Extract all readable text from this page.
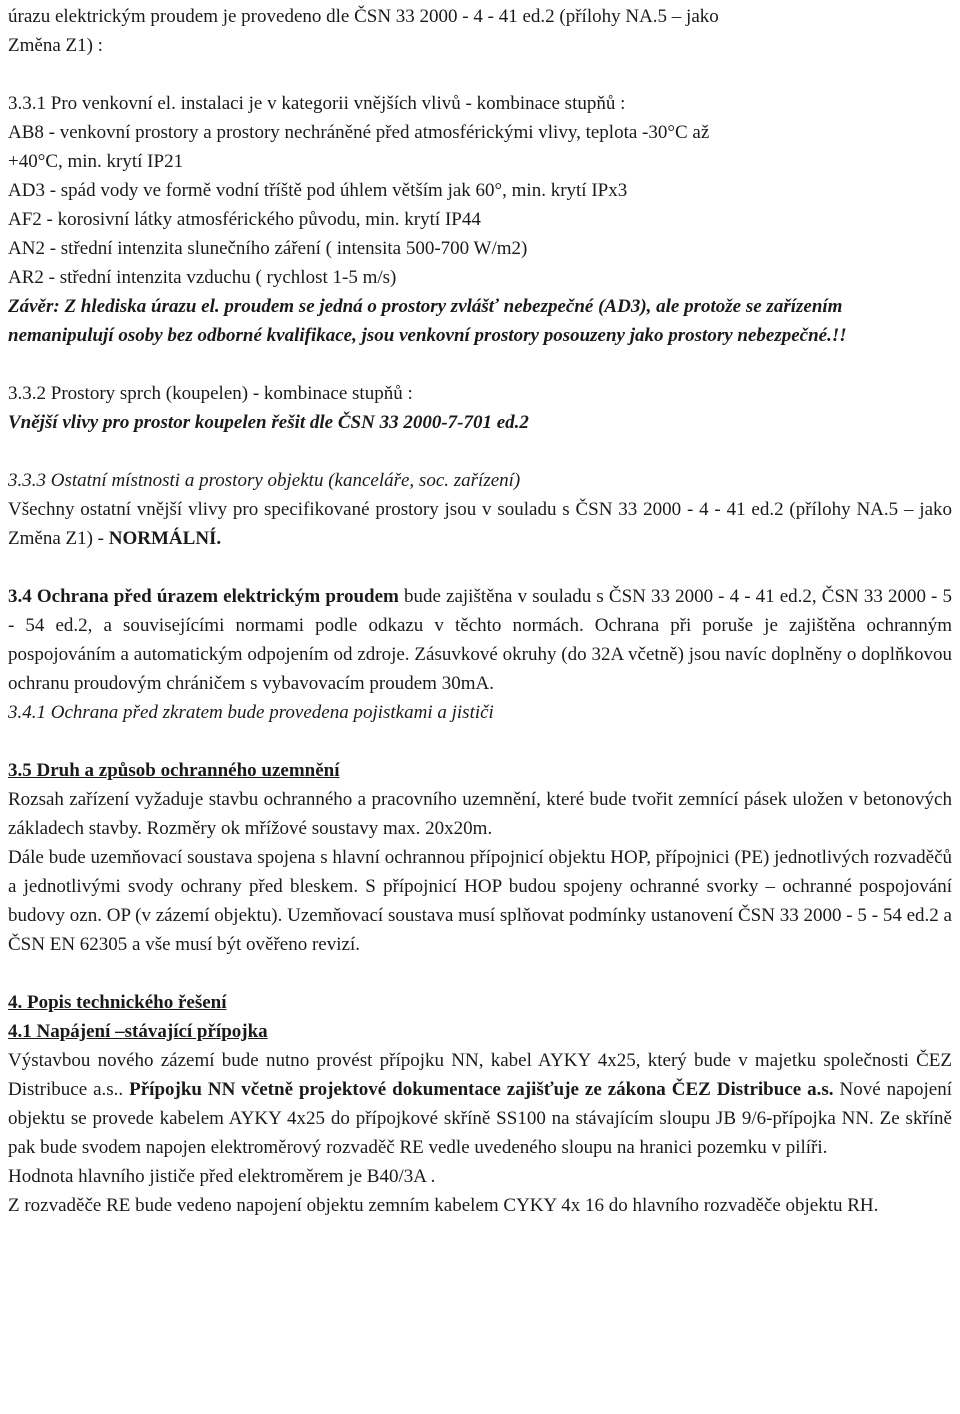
úrazu elektrickým proudem je provedeno dle ČSN 33 2000 - 4 - 41 ed.2 (přílohy NA.5 – jako

Změna Z1) :

3.3.1 Pro venkovní el. instalaci je v kategorii vnějších vlivů - kombinace stupňů :

AB8 - venkovní prostory a prostory nechráněné před atmosférickými vlivy, teplota -30°C až

+40°C, min. krytí IP21

AD3 - spád vody ve formě vodní tříště pod úhlem větším jak 60°, min. krytí IPx3

AF2 - korosivní látky atmosférického původu, min. krytí IP44

AN2 - střední intenzita slunečního záření ( intensita 500-700 W/m2)

AR2 - střední intenzita vzduchu ( rychlost 1-5 m/s)

Závěr: Z hlediska úrazu el. proudem se jedná o prostory zvlášť nebezpečné (AD3), ale protože se zařízením nemanipulují osoby bez odborné kvalifikace, jsou venkovní prostory posouzeny jako prostory nebezpečné.!!

3.3.2 Prostory sprch (koupelen) - kombinace stupňů :

Vnější vlivy pro prostor koupelen řešit dle ČSN 33 2000-7-701 ed.2

3.3.3 Ostatní místnosti a prostory objektu (kanceláře, soc. zařízení)

Všechny ostatní vnější vlivy pro specifikované prostory jsou v souladu s ČSN 33 2000 - 4 - 41 ed.2 (přílohy NA.5 – jako Změna Z1) - NORMÁLNÍ.

3.4 Ochrana před úrazem elektrickým proudem bude zajištěna v souladu s ČSN 33 2000 - 4 - 41 ed.2, ČSN 33 2000 - 5 - 54 ed.2, a souvisejícími normami podle odkazu v těchto normách. Ochrana při poruše je zajištěna ochranným pospojováním a automatickým odpojením od zdroje. Zásuvkové okruhy (do 32A včetně) jsou navíc doplněny o doplňkovou ochranu proudovým chráničem s vybavovacím proudem 30mA.

3.4.1 Ochrana před zkratem bude provedena pojistkami a jističi

3.5 Druh a způsob ochranného uzemnění

Rozsah zařízení vyžaduje stavbu ochranného a pracovního uzemnění, které bude tvořit zemnící pásek uložen v betonových základech stavby. Rozměry ok mřížové soustavy max. 20x20m.

Dále bude uzemňovací soustava spojena s hlavní ochrannou přípojnicí objektu HOP, přípojnici (PE) jednotlivých rozvaděčů a jednotlivými svody ochrany před bleskem. S přípojnicí HOP budou spojeny ochranné svorky – ochranné pospojování budovy ozn. OP (v zázemí objektu). Uzemňovací soustava musí splňovat podmínky ustanovení ČSN 33 2000 - 5 - 54 ed.2 a ČSN EN 62305 a vše musí být ověřeno revizí.

4. Popis technického řešení

4.1 Napájení –stávající přípojka

Výstavbou nového zázemí bude nutno provést přípojku NN, kabel AYKY 4x25, který bude v majetku společnosti ČEZ Distribuce a.s.. Přípojku NN včetně projektové dokumentace zajišťuje ze zákona ČEZ Distribuce a.s. Nové napojení objektu se provede kabelem AYKY 4x25 do přípojkové skříně SS100 na stávajícím sloupu JB 9/6-přípojka NN. Ze skříně pak bude svodem napojen elektroměrový rozvaděč RE vedle uvedeného sloupu na hranici pozemku v pilíři.

Hodnota hlavního jističe před elektroměrem je B40/3A .

Z rozvaděče RE bude vedeno napojení objektu zemním kabelem CYKY 4x 16 do hlavního rozvaděče objektu RH.
